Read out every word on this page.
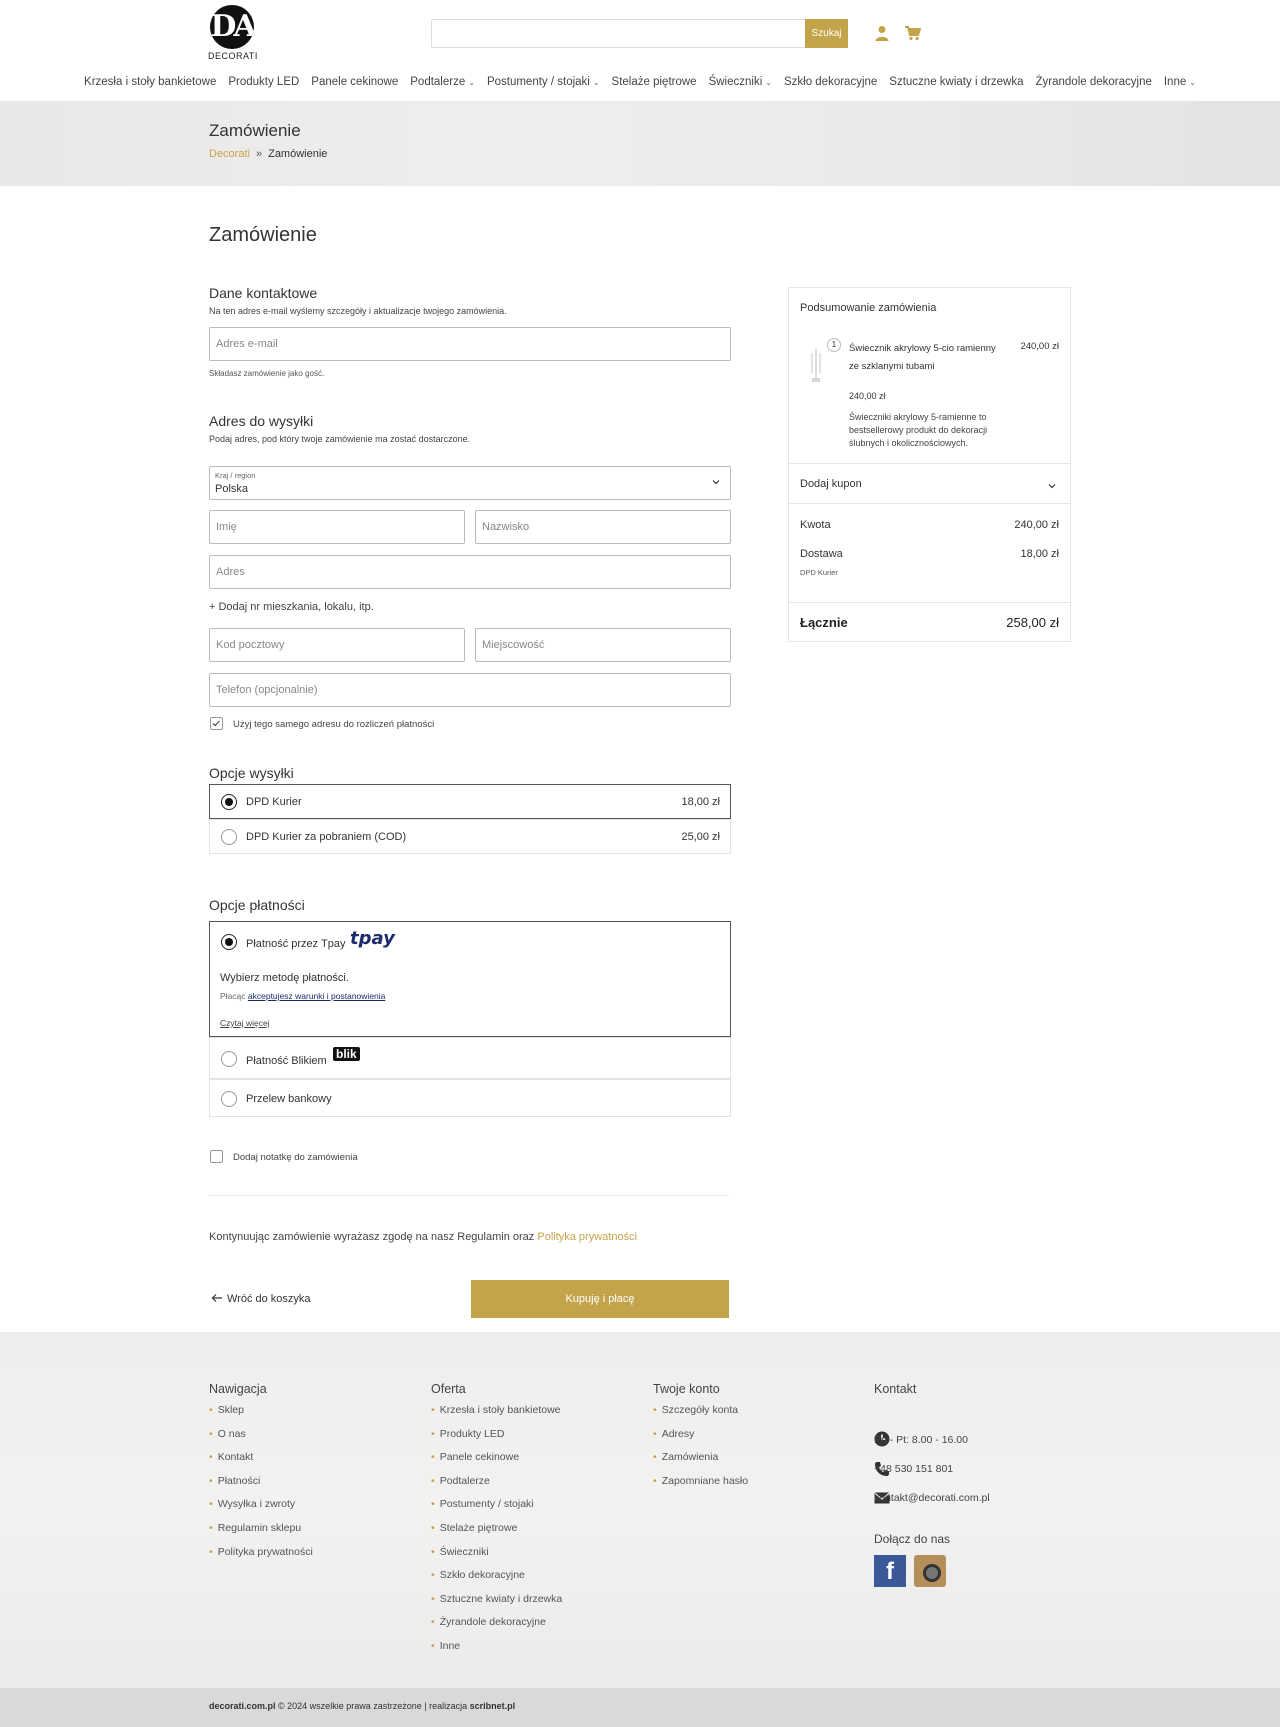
DA
DECORATI
Szukaj
Krzesła i stoły bankietowe Produkty LED Panele cekinowe Podtalerze ⌄ Postumenty / stojaki ⌄ Stelaże piętrowe Świeczniki ⌄ Szkło dekoracyjne Sztuczne kwiaty i drzewka Żyrandole dekoracyjne Inne ⌄
Zamówienie
Decorati » Zamówienie
Zamówienie
Dane kontaktowe
Na ten adres e-mail wyślemy szczegóły i aktualizacje twojego zamówienia.
Adres e-mail
Składasz zamówienie jako gość.
Adres do wysyłki
Podaj adres, pod który twoje zamówienie ma zostać dostarczone.
Kraj / region
Polska
Imię	Nazwisko
Adres
+ Dodaj nr mieszkania, lokalu, itp.
Kod pocztowy	Miejscowość
Telefon (opcjonalnie)
Użyj tego samego adresu do rozliczeń płatności
Opcje wysyłki
DPD Kurier	18,00 zł
DPD Kurier za pobraniem (COD)	25,00 zł
Opcje płatności
Płatność przez Tpay tpay
Wybierz metodę płatności.
Płacąc akceptujesz warunki i postanowienia
Czytaj więcej
Płatność Blikiem blik
Przelew bankowy
Dodaj notatkę do zamówienia
Kontynuując zamówienie wyrażasz zgodę na nasz Regulamin oraz Polityka prywatności
Wróć do koszyka	Kupuję i płacę
Podsumowanie zamówienia
1	Świecznik akrylowy 5-cio ramienny ze szklanymi tubami
240,00 zł
240,00 zł
Świeczniki akrylowy 5-ramienne to bestsellerowy produkt do dekoracji ślubnych i okolicznościowych.
Dodaj kupon
Kwota	240,00 zł
Dostawa	18,00 zł
DPD Kurier
Łącznie	258,00 zł
Nawigacja
• Sklep
• O nas
• Kontakt
• Płatności
• Wysyłka i zwroty
• Regulamin sklepu
• Polityka prywatności
Oferta
• Krzesła i stoły bankietowe
• Produkty LED
• Panele cekinowe
• Podtalerze
• Postumenty / stojaki
• Stelaże piętrowe
• Świeczniki
• Szkło dekoracyjne
• Sztuczne kwiaty i drzewka
• Żyrandole dekoracyjne
• Inne
Twoje konto
• Szczegóły konta
• Adresy
• Zamówienia
• Zapomniane hasło
Kontakt
Pn - Pt: 8.00 - 16.00
+48 530 151 801
kontakt@decorati.com.pl
Dołącz do nas
f
decorati.com.pl © 2024 wszelkie prawa zastrzeżone | realizacja scribnet.pl
